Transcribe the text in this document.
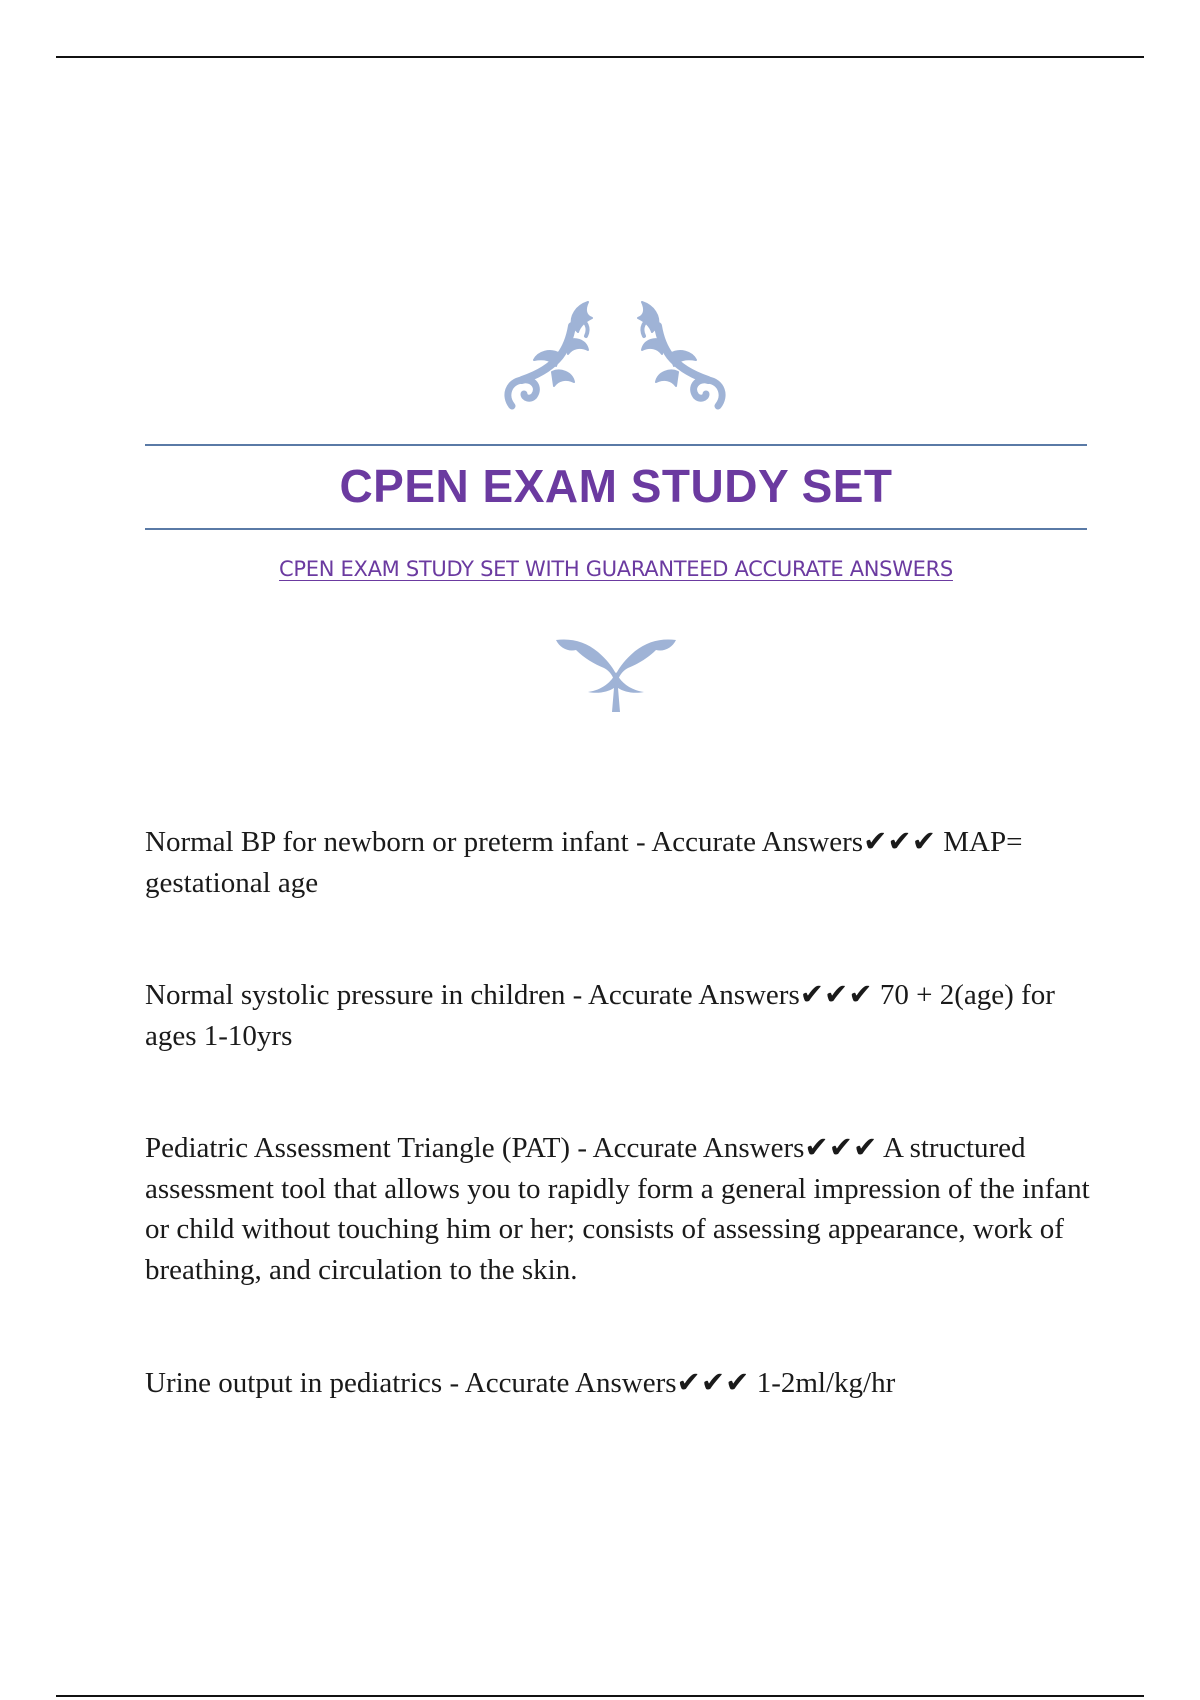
CPEN EXAM STUDY SET
CPEN EXAM STUDY SET WITH GUARANTEED ACCURATE ANSWERS

Normal BP for newborn or preterm infant - Accurate Answers✔✔✔ MAP= gestational age

Normal systolic pressure in children - Accurate Answers✔✔✔ 70 + 2(age) for ages 1-10yrs

Pediatric Assessment Triangle (PAT) - Accurate Answers✔✔✔ A structured assessment tool that allows you to rapidly form a general impression of the infant or child without touching him or her; consists of assessing appearance, work of breathing, and circulation to the skin.

Urine output in pediatrics - Accurate Answers✔✔✔ 1-2ml/kg/hr
